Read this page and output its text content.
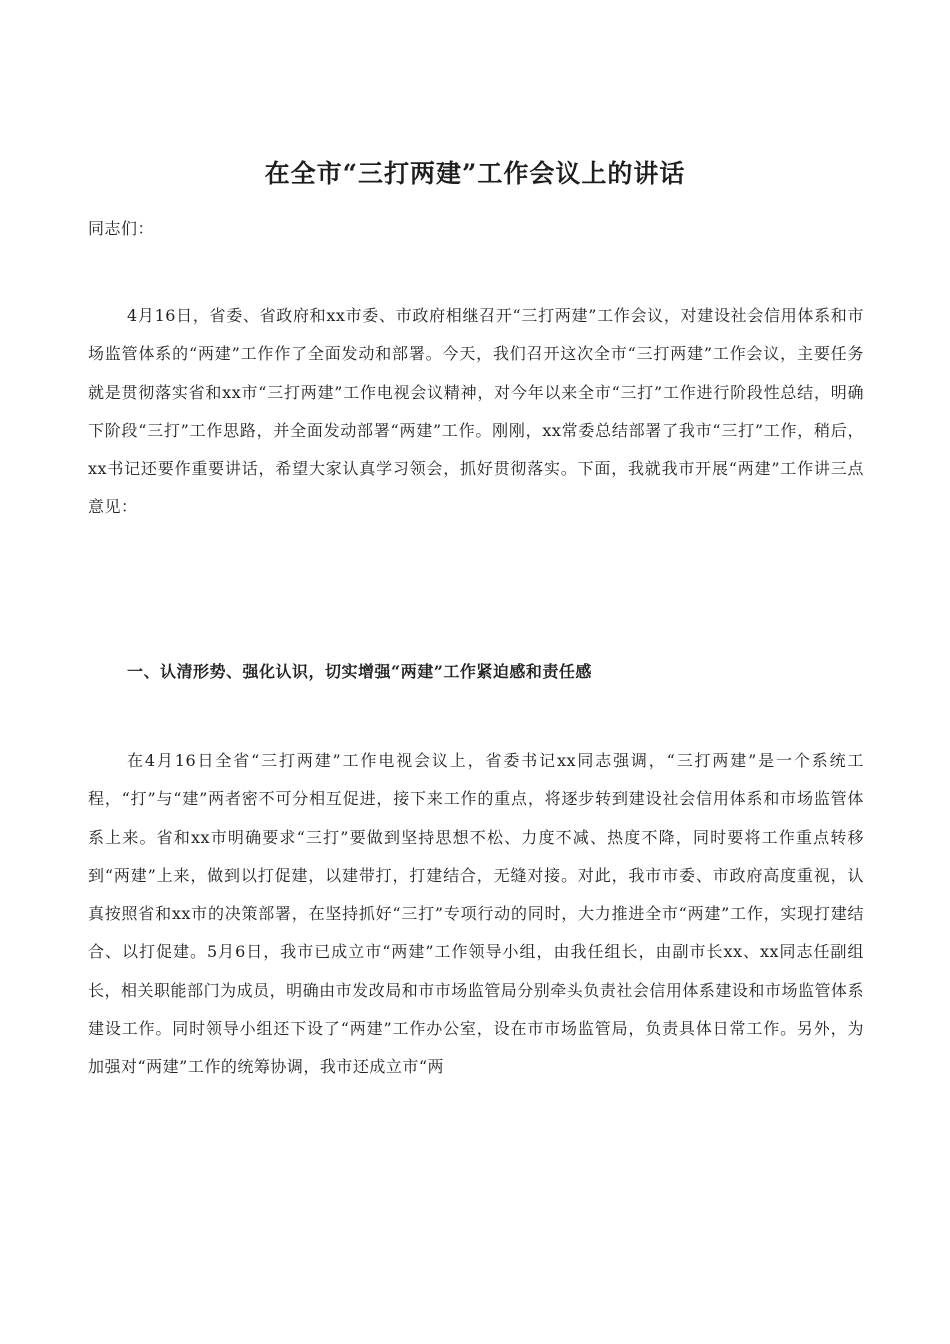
在全市“三打两建”工作会议上的讲话
同志们：
4月16日，省委、省政府和xx市委、市政府相继召开“三打两建”工作会议，对建设社会信用体系和市场监管体系的“两建”工作作了全面发动和部署。今天，我们召开这次全市“三打两建”工作会议，主要任务就是贯彻落实省和xx市“三打两建”工作电视会议精神，对今年以来全市“三打”工作进行阶段性总结，明确下阶段“三打”工作思路，并全面发动部署“两建”工作。刚刚，xx常委总结部署了我市“三打”工作，稍后，xx书记还要作重要讲话，希望大家认真学习领会，抓好贯彻落实。下面，我就我市开展“两建”工作讲三点意见：
一、认清形势、强化认识，切实增强“两建”工作紧迫感和责任感
在4月16日全省“三打两建”工作电视会议上，省委书记xx同志强调，“三打两建”是一个系统工程，“打”与“建”两者密不可分相互促进，接下来工作的重点，将逐步转到建设社会信用体系和市场监管体系上来。省和xx市明确要求“三打”要做到坚持思想不松、力度不减、热度不降，同时要将工作重点转移到“两建”上来，做到以打促建，以建带打，打建结合，无缝对接。对此，我市市委、市政府高度重视，认真按照省和xx市的决策部署，在坚持抓好“三打”专项行动的同时，大力推进全市“两建”工作，实现打建结合、以打促建。5月6日，我市已成立市“两建”工作领导小组，由我任组长，由副市长xx、xx同志任副组长，相关职能部门为成员，明确由市发改局和市市场监管局分别牵头负责社会信用体系建设和市场监管体系建设工作。同时领导小组还下设了“两建”工作办公室，设在市市场监管局，负责具体日常工作。另外，为加强对“两建”工作的统筹协调，我市还成立市“两
